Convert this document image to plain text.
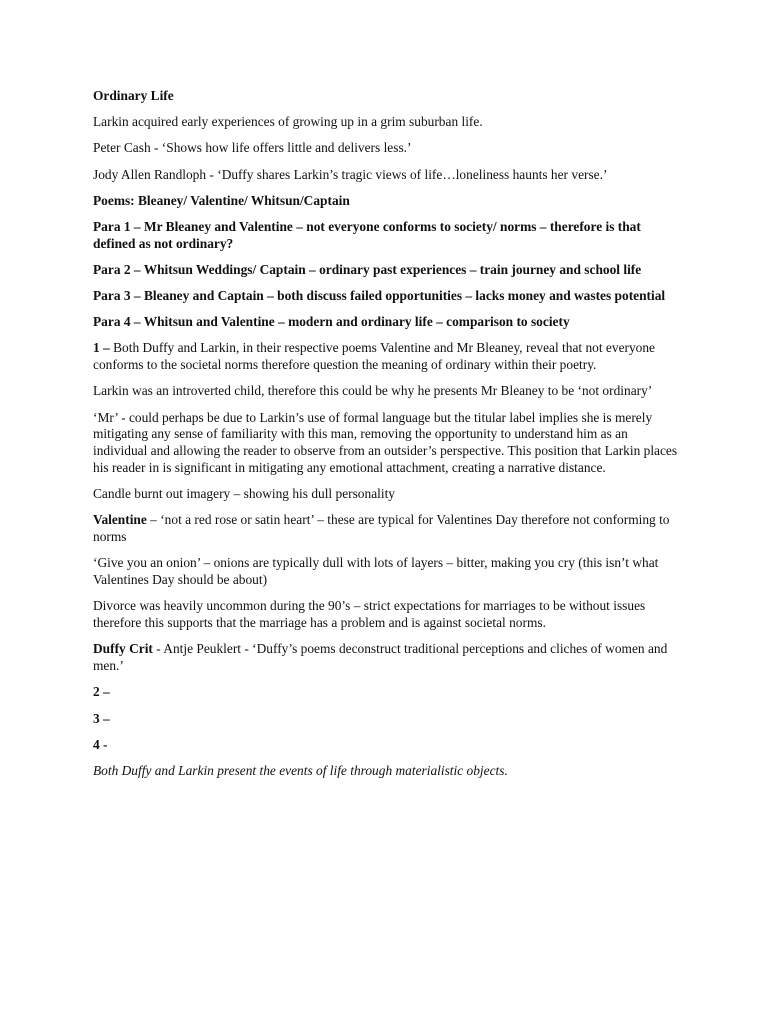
Ordinary Life

Larkin acquired early experiences of growing up in a grim suburban life.

Peter Cash - ‘Shows how life offers little and delivers less.’

Jody Allen Randloph - ‘Duffy shares Larkin’s tragic views of life…loneliness haunts her verse.’

Poems: Bleaney/ Valentine/ Whitsun/Captain

Para 1 – Mr Bleaney and Valentine – not everyone conforms to society/ norms – therefore is that defined as not ordinary?

Para 2 – Whitsun Weddings/ Captain – ordinary past experiences – train journey and school life

Para 3 – Bleaney and Captain – both discuss failed opportunities – lacks money and wastes potential

Para 4 – Whitsun and Valentine – modern and ordinary life – comparison to society

1 – Both Duffy and Larkin, in their respective poems Valentine and Mr Bleaney, reveal that not everyone conforms to the societal norms therefore question the meaning of ordinary within their poetry.

Larkin was an introverted child, therefore this could be why he presents Mr Bleaney to be ‘not ordinary’

‘Mr’ - could perhaps be due to Larkin’s use of formal language but the titular label implies she is merely mitigating any sense of familiarity with this man, removing the opportunity to understand him as an individual and allowing the reader to observe from an outsider’s perspective. This position that Larkin places his reader in is significant in mitigating any emotional attachment, creating a narrative distance.

Candle burnt out imagery – showing his dull personality

Valentine – ‘not a red rose or satin heart’ – these are typical for Valentines Day therefore not conforming to norms

‘Give you an onion’ – onions are typically dull with lots of layers – bitter, making you cry (this isn’t what Valentines Day should be about)

Divorce was heavily uncommon during the 90’s – strict expectations for marriages to be without issues therefore this supports that the marriage has a problem and is against societal norms.

Duffy Crit - Antje Peuklert - ‘Duffy’s poems deconstruct traditional perceptions and cliches of women and men.’

2 –

3 –

4 -

Both Duffy and Larkin present the events of life through materialistic objects.
